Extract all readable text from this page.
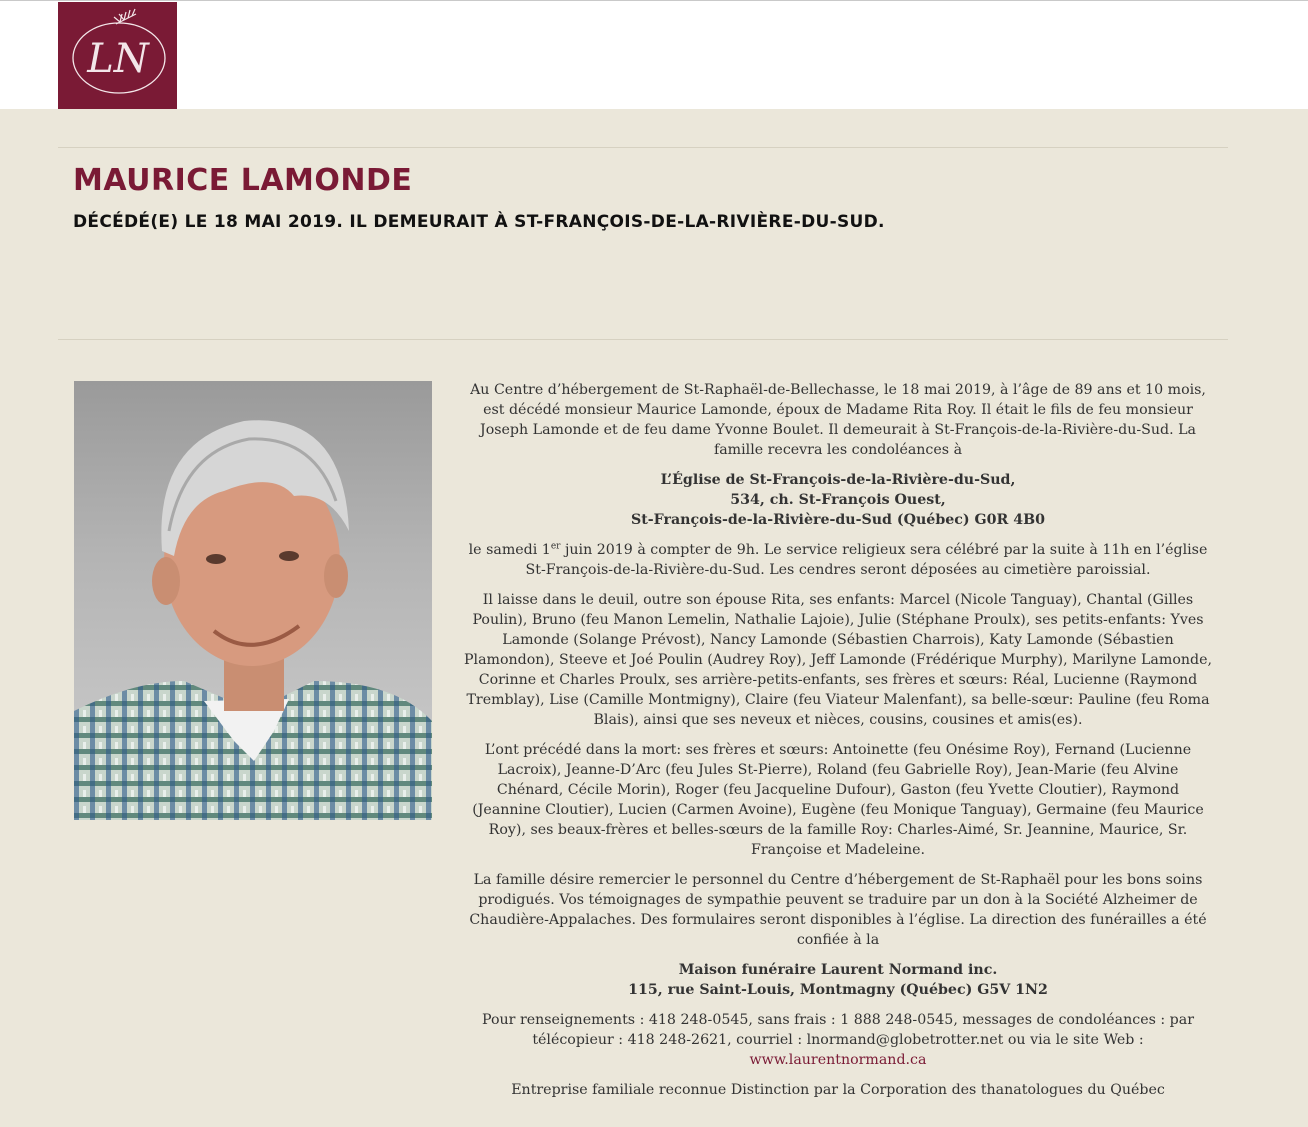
LN
MAURICE LAMONDE
DÉCÉDÉ(E) LE 18 MAI 2019. IL DEMEURAIT À ST-FRANÇOIS-DE-LA-RIVIÈRE-DU-SUD.

Au Centre d’hébergement de St-Raphaël-de-Bellechasse, le 18 mai 2019, à l’âge de 89 ans et 10 mois, est décédé monsieur Maurice Lamonde, époux de Madame Rita Roy. Il était le fils de feu monsieur Joseph Lamonde et de feu dame Yvonne Boulet. Il demeurait à St-François-de-la-Rivière-du-Sud. La famille recevra les condoléances à

L’Église de St-François-de-la-Rivière-du-Sud,
534, ch. St-François Ouest,
St-François-de-la-Rivière-du-Sud (Québec) G0R 4B0

le samedi 1er juin 2019 à compter de 9h. Le service religieux sera célébré par la suite à 11h en l’église St-François-de-la-Rivière-du-Sud. Les cendres seront déposées au cimetière paroissial.

Il laisse dans le deuil, outre son épouse Rita, ses enfants: Marcel (Nicole Tanguay), Chantal (Gilles Poulin), Bruno (feu Manon Lemelin, Nathalie Lajoie), Julie (Stéphane Proulx), ses petits-enfants: Yves Lamonde (Solange Prévost), Nancy Lamonde (Sébastien Charrois), Katy Lamonde (Sébastien Plamondon), Steeve et Joé Poulin (Audrey Roy), Jeff Lamonde (Frédérique Murphy), Marilyne Lamonde, Corinne et Charles Proulx, ses arrière-petits-enfants, ses frères et sœurs: Réal, Lucienne (Raymond Tremblay), Lise (Camille Montmigny), Claire (feu Viateur Malenfant), sa belle-sœur: Pauline (feu Roma Blais), ainsi que ses neveux et nièces, cousins, cousines et amis(es).

L’ont précédé dans la mort: ses frères et sœurs: Antoinette (feu Onésime Roy), Fernand (Lucienne Lacroix), Jeanne-D’Arc (feu Jules St-Pierre), Roland (feu Gabrielle Roy), Jean-Marie (feu Alvine Chénard, Cécile Morin), Roger (feu Jacqueline Dufour), Gaston (feu Yvette Cloutier), Raymond (Jeannine Cloutier), Lucien (Carmen Avoine), Eugène (feu Monique Tanguay), Germaine (feu Maurice Roy), ses beaux-frères et belles-sœurs de la famille Roy: Charles-Aimé, Sr. Jeannine, Maurice, Sr. Françoise et Madeleine.

La famille désire remercier le personnel du Centre d’hébergement de St-Raphaël pour les bons soins prodigués. Vos témoignages de sympathie peuvent se traduire par un don à la Société Alzheimer de Chaudière-Appalaches. Des formulaires seront disponibles à l’église. La direction des funérailles a été confiée à la

Maison funéraire Laurent Normand inc.
115, rue Saint-Louis, Montmagny (Québec) G5V 1N2

Pour renseignements : 418 248-0545, sans frais : 1 888 248-0545, messages de condoléances : par télécopieur : 418 248-2621, courriel : lnormand@globetrotter.net ou via le site Web :
www.laurentnormand.ca

Entreprise familiale reconnue Distinction par la Corporation des thanatologues du Québec
